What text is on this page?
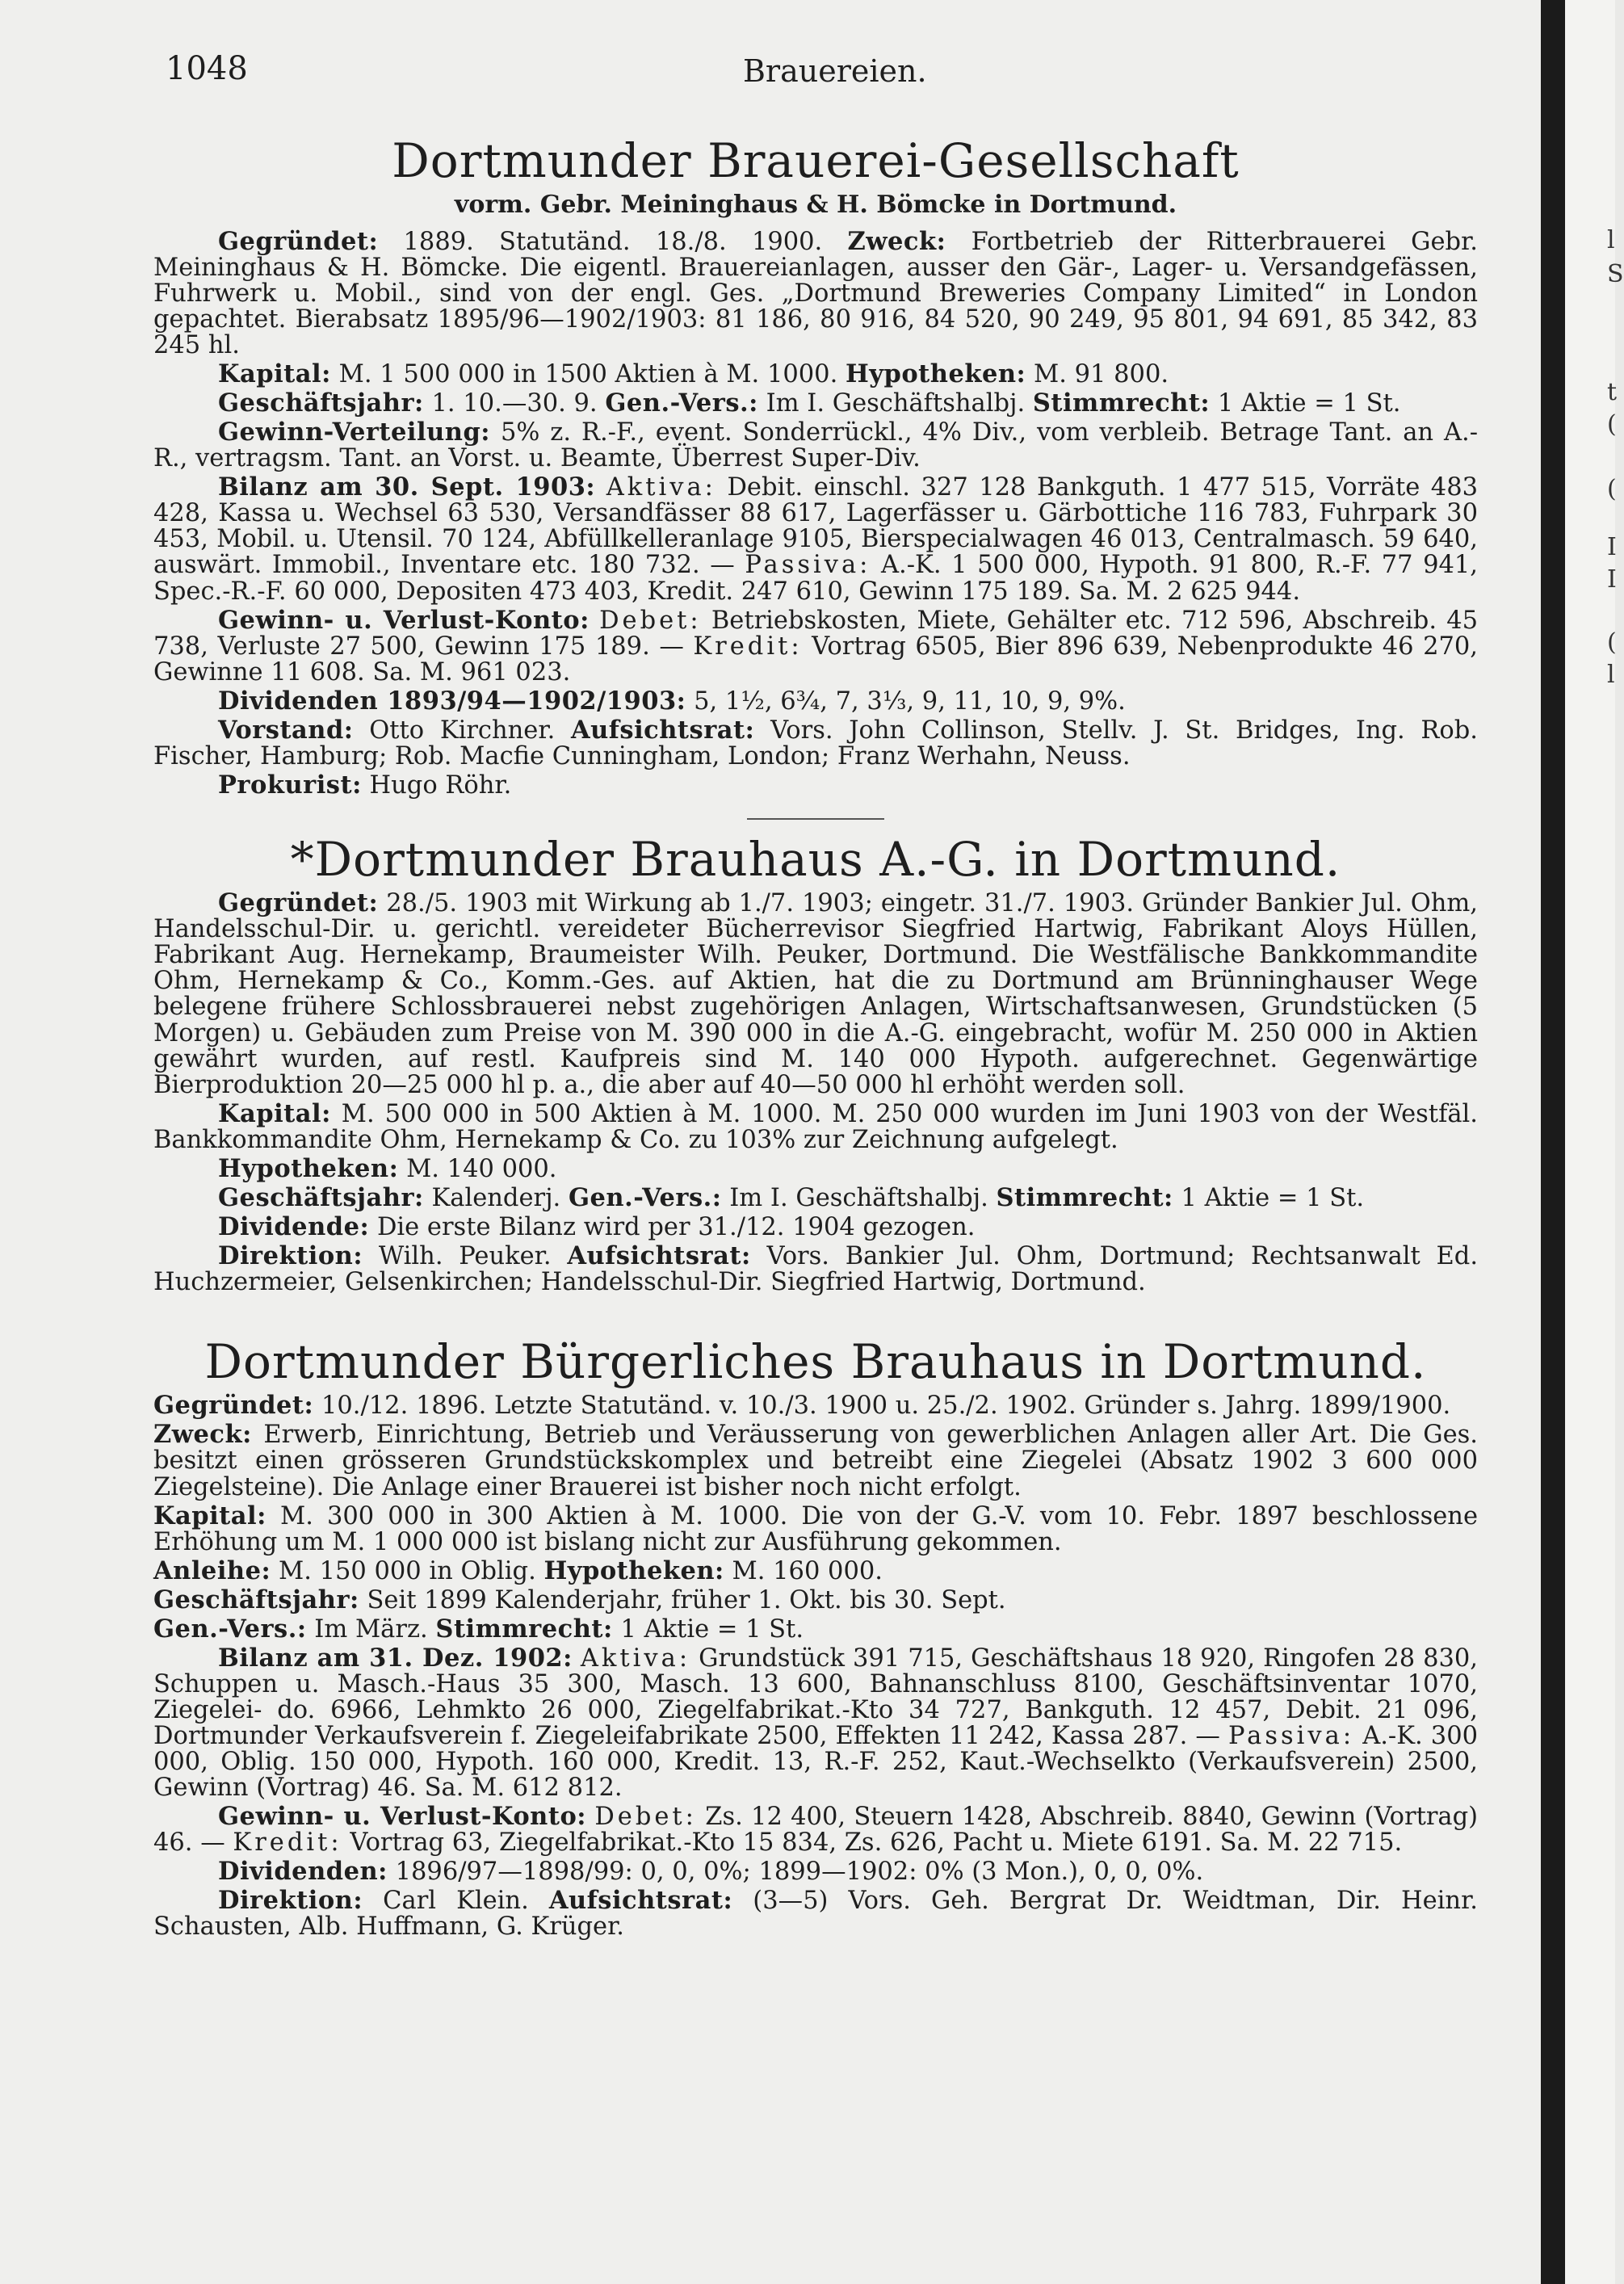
l
S
t
(
(
I
I
(
l
1048	Brauereien.
Dortmunder Brauerei-Gesellschaft
vorm. Gebr. Meininghaus & H. Bömcke in Dortmund.

Gegründet: 1889. Statutänd. 18./8. 1900. Zweck: Fortbetrieb der Ritterbrauerei Gebr. Meininghaus & H. Bömcke. Die eigentl. Brauereianlagen, ausser den Gär-, Lager- u. Versandgefässen, Fuhrwerk u. Mobil., sind von der engl. Ges. „Dortmund Breweries Company Limited“ in London gepachtet. Bierabsatz 1895/96—1902/1903: 81 186, 80 916, 84 520, 90 249, 95 801, 94 691, 85 342, 83 245 hl.

Kapital: M. 1 500 000 in 1500 Aktien à M. 1000. Hypotheken: M. 91 800.

Geschäftsjahr: 1. 10.—30. 9. Gen.-Vers.: Im I. Geschäftshalbj. Stimmrecht: 1 Aktie = 1 St.

Gewinn-Verteilung: 5% z. R.-F., event. Sonderrückl., 4% Div., vom verbleib. Betrage Tant. an A.-R., vertragsm. Tant. an Vorst. u. Beamte, Überrest Super-Div.

Bilanz am 30. Sept. 1903: Aktiva: Debit. einschl. 327 128 Bankguth. 1 477 515, Vorräte 483 428, Kassa u. Wechsel 63 530, Versandfässer 88 617, Lagerfässer u. Gärbottiche 116 783, Fuhrpark 30 453, Mobil. u. Utensil. 70 124, Abfüllkelleranlage 9105, Bierspecialwagen 46 013, Centralmasch. 59 640, auswärt. Immobil., Inventare etc. 180 732. — Passiva: A.-K. 1 500 000, Hypoth. 91 800, R.-F. 77 941, Spec.-R.-F. 60 000, Depositen 473 403, Kredit. 247 610, Gewinn 175 189. Sa. M. 2 625 944.

Gewinn- u. Verlust-Konto: Debet: Betriebskosten, Miete, Gehälter etc. 712 596, Abschreib. 45 738, Verluste 27 500, Gewinn 175 189. — Kredit: Vortrag 6505, Bier 896 639, Nebenprodukte 46 270, Gewinne 11 608. Sa. M. 961 023.

Dividenden 1893/94—1902/1903: 5, 1½, 6¾, 7, 3⅓, 9, 11, 10, 9, 9%.

Vorstand: Otto Kirchner. Aufsichtsrat: Vors. John Collinson, Stellv. J. St. Bridges, Ing. Rob. Fischer, Hamburg; Rob. Macfie Cunningham, London; Franz Werhahn, Neuss.

Prokurist: Hugo Röhr.

*Dortmunder Brauhaus A.-G. in Dortmund.

Gegründet: 28./5. 1903 mit Wirkung ab 1./7. 1903; eingetr. 31./7. 1903. Gründer Bankier Jul. Ohm, Handelsschul-Dir. u. gerichtl. vereideter Bücherrevisor Siegfried Hartwig, Fabrikant Aloys Hüllen, Fabrikant Aug. Hernekamp, Braumeister Wilh. Peuker, Dortmund. Die Westfälische Bankkommandite Ohm, Hernekamp & Co., Komm.-Ges. auf Aktien, hat die zu Dortmund am Brünninghauser Wege belegene frühere Schlossbrauerei nebst zugehörigen Anlagen, Wirtschaftsanwesen, Grundstücken (5 Morgen) u. Gebäuden zum Preise von M. 390 000 in die A.-G. eingebracht, wofür M. 250 000 in Aktien gewährt wurden, auf restl. Kaufpreis sind M. 140 000 Hypoth. aufgerechnet. Gegenwärtige Bierproduktion 20—25 000 hl p. a., die aber auf 40—50 000 hl erhöht werden soll.

Kapital: M. 500 000 in 500 Aktien à M. 1000. M. 250 000 wurden im Juni 1903 von der Westfäl. Bankkommandite Ohm, Hernekamp & Co. zu 103% zur Zeichnung aufgelegt.

Hypotheken: M. 140 000.

Geschäftsjahr: Kalenderj. Gen.-Vers.: Im I. Geschäftshalbj. Stimmrecht: 1 Aktie = 1 St.

Dividende: Die erste Bilanz wird per 31./12. 1904 gezogen.

Direktion: Wilh. Peuker. Aufsichtsrat: Vors. Bankier Jul. Ohm, Dortmund; Rechtsanwalt Ed. Huchzermeier, Gelsenkirchen; Handelsschul-Dir. Siegfried Hartwig, Dortmund.

Dortmunder Bürgerliches Brauhaus in Dortmund.

Gegründet: 10./12. 1896. Letzte Statutänd. v. 10./3. 1900 u. 25./2. 1902. Gründer s. Jahrg. 1899/1900.

Zweck: Erwerb, Einrichtung, Betrieb und Veräusserung von gewerblichen Anlagen aller Art. Die Ges. besitzt einen grösseren Grundstückskomplex und betreibt eine Ziegelei (Absatz 1902 3 600 000 Ziegelsteine). Die Anlage einer Brauerei ist bisher noch nicht erfolgt.

Kapital: M. 300 000 in 300 Aktien à M. 1000. Die von der G.-V. vom 10. Febr. 1897 beschlossene Erhöhung um M. 1 000 000 ist bislang nicht zur Ausführung gekommen.

Anleihe: M. 150 000 in Oblig. Hypotheken: M. 160 000.

Geschäftsjahr: Seit 1899 Kalenderjahr, früher 1. Okt. bis 30. Sept.

Gen.-Vers.: Im März. Stimmrecht: 1 Aktie = 1 St.

Bilanz am 31. Dez. 1902: Aktiva: Grundstück 391 715, Geschäftshaus 18 920, Ringofen 28 830, Schuppen u. Masch.-Haus 35 300, Masch. 13 600, Bahnanschluss 8100, Geschäftsinventar 1070, Ziegelei- do. 6966, Lehmkto 26 000, Ziegelfabrikat.-Kto 34 727, Bankguth. 12 457, Debit. 21 096, Dortmunder Verkaufsverein f. Ziegeleifabrikate 2500, Effekten 11 242, Kassa 287. — Passiva: A.-K. 300 000, Oblig. 150 000, Hypoth. 160 000, Kredit. 13, R.-F. 252, Kaut.-Wechselkto (Verkaufsverein) 2500, Gewinn (Vortrag) 46. Sa. M. 612 812.

Gewinn- u. Verlust-Konto: Debet: Zs. 12 400, Steuern 1428, Abschreib. 8840, Gewinn (Vortrag) 46. — Kredit: Vortrag 63, Ziegelfabrikat.-Kto 15 834, Zs. 626, Pacht u. Miete 6191. Sa. M. 22 715.

Dividenden: 1896/97—1898/99: 0, 0, 0%; 1899—1902: 0% (3 Mon.), 0, 0, 0%.

Direktion: Carl Klein. Aufsichtsrat: (3—5) Vors. Geh. Bergrat Dr. Weidtman, Dir. Heinr. Schausten, Alb. Huffmann, G. Krüger.
